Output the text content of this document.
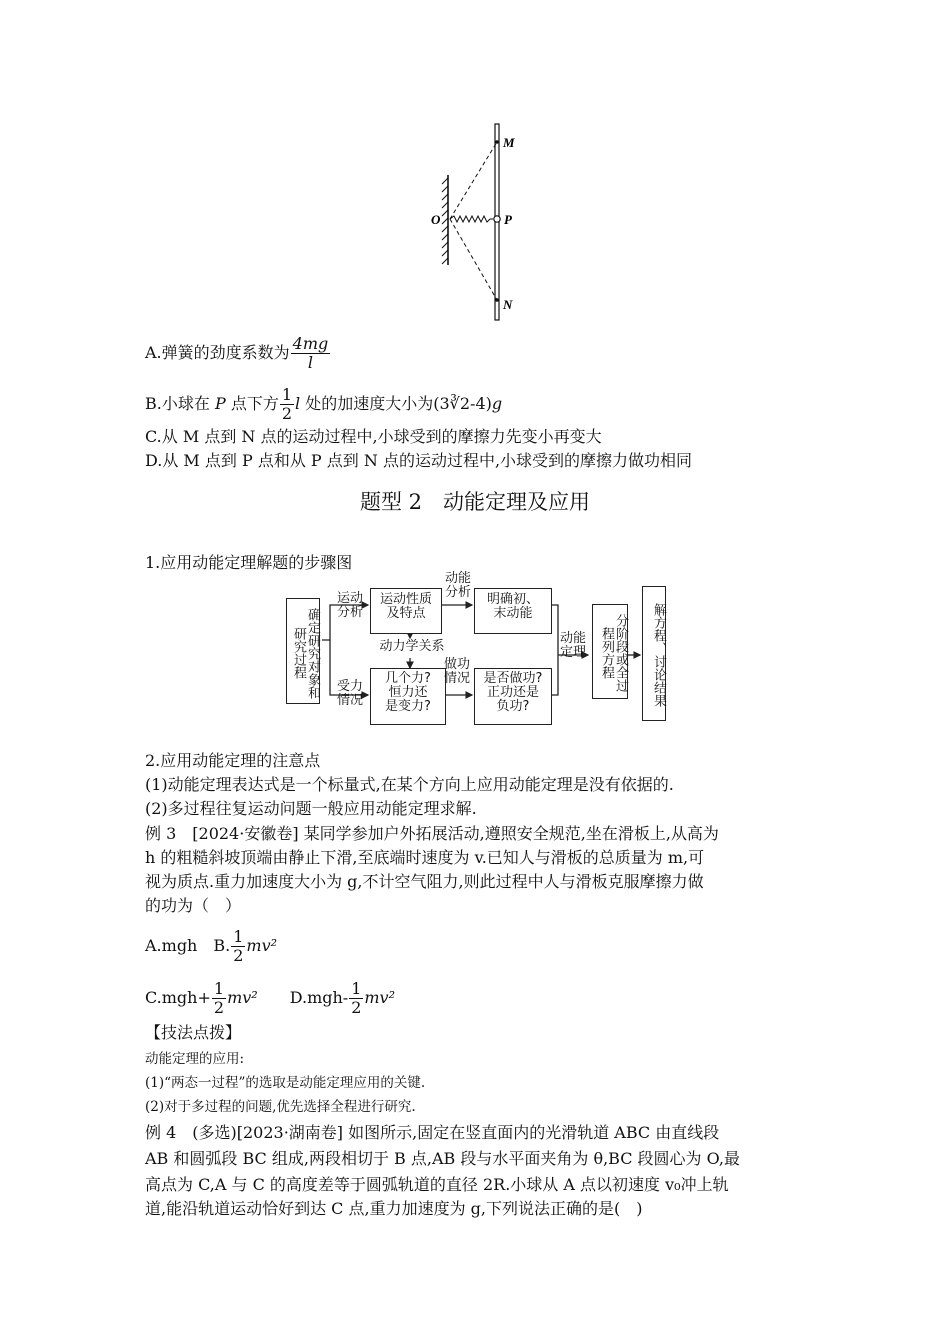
M
O	P
N
A.弹簧的劲度系数为 $\frac{4mg}{l}$
B.小球在 P 点下方 $\frac{1}{2}$ l 处的加速度大小为(3∛2-4)g
C.从 M 点到 N 点的运动过程中,小球受到的摩擦力先变小再变大
D.从 M 点到 P 点和从 P 点到 N 点的运动过程中,小球受到的摩擦力做功相同
题型 2　动能定理及应用
1.应用动能定理解题的步骤图
确定研究对象和研究过程
运动
分析
运动性质
及特点
动能
分析	明确初、
末动能
动力学关系
受力
情况
几个力?
恒力还
是变力?
做功
情况	是否做功?
正功还是
负功?
动能
定理	分阶段或全过程列方程	解方程、讨论结果
2.应用动能定理的注意点
(1)动能定理表达式是一个标量式,在某个方向上应用动能定理是没有依据的.
(2)多过程往复运动问题一般应用动能定理求解.
例 3　[2024·安徽卷] 某同学参加户外拓展活动,遵照安全规范,坐在滑板上,从高为
h 的粗糙斜坡顶端由静止下滑,至底端时速度为 v.已知人与滑板的总质量为 m,可
视为质点.重力加速度大小为 g,不计空气阻力,则此过程中人与滑板克服摩擦力做
的功为（　）
A.mgh　 B. $\frac{1}{2} mv^2$
$C.mgh+ \frac{1}{2} mv^2$　　 $D.mgh- \frac{1}{2} mv^2$
【技法点拨】
动能定理的应用:
(1)“两态一过程”的选取是动能定理应用的关键.
(2)对于多过程的问题,优先选择全程进行研究.
例 4　(多选)[2023·湖南卷] 如图所示,固定在竖直面内的光滑轨道 ABC 由直线段
AB 和圆弧段 BC 组成,两段相切于 B 点,AB 段与水平面夹角为 θ,BC 段圆心为 O,最
高点为 C,A 与 C 的高度差等于圆弧轨道的直径 2R.小球从 A 点以初速度 v₀冲上轨
道,能沿轨道运动恰好到达 C 点,重力加速度为 g,下列说法正确的是(　)
